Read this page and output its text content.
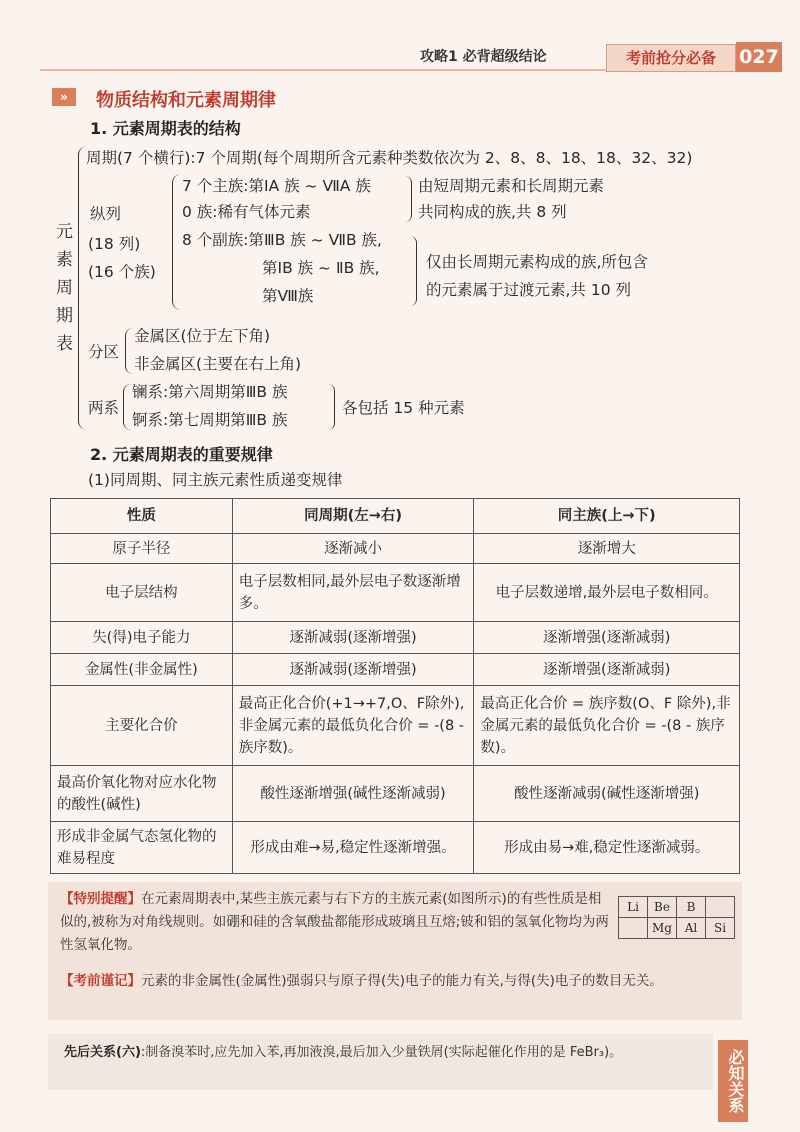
攻略1 必背超级结论	考前抢分必备	027
»	物质结构和元素周期律
1. 元素周期表的结构
元素周期表
周期(7 个横行):7 个周期(每个周期所含元素种类数依次为 2、8、8、18、18、32、32)
纵列
(18 列)
(16 个族)
7 个主族:第ⅠA 族 ~ ⅦA 族
0 族:稀有气体元素
由短周期元素和长周期元素
共同构成的族,共 8 列
8 个副族:第ⅢB 族 ~ ⅦB 族,
第ⅠB 族 ~ ⅡB 族,
第Ⅷ族
仅由长周期元素构成的族,所包含
的元素属于过渡元素,共 10 列
分区
金属区(位于左下角)
非金属区(主要在右上角)
两系
镧系:第六周期第ⅢB 族
锕系:第七周期第ⅢB 族
各包括 15 种元素
2. 元素周期表的重要规律
(1)同周期、同主族元素性质递变规律
性质	同周期(左→右)	同主族(上→下)
原子半径	逐渐减小	逐渐增大
电子层结构	电子层数相同,最外层电子数逐渐增多。	电子层数递增,最外层电子数相同。
失(得)电子能力	逐渐减弱(逐渐增强)	逐渐增强(逐渐减弱)
金属性(非金属性)	逐渐减弱(逐渐增强)	逐渐增强(逐渐减弱)
主要化合价	最高正化合价(+1→+7,O、F除外),非金属元素的最低负化合价 = -(8 - 族序数)。	最高正化合价 = 族序数(O、F 除外),非金属元素的最低负化合价 = -(8 - 族序数)。
最高价氧化物对应水化物的酸性(碱性)	酸性逐渐增强(碱性逐渐减弱)	酸性逐渐减弱(碱性逐渐增强)
形成非金属气态氢化物的难易程度	形成由难→易,稳定性逐渐增强。	形成由易→难,稳定性逐渐减弱。
【特别提醒】在元素周期表中,某些主族元素与右下方的主族元素(如图所示)的有些性质是相似的,被称为对角线规则。如硼和硅的含氧酸盐都能形成玻璃且互熔;铍和铝的氢氧化物均为两性氢氧化物。
Li	Be	B	
	Mg	Al	Si
【考前谨记】元素的非金属性(金属性)强弱只与原子得(失)电子的能力有关,与得(失)电子的数目无关。
先后关系(六):制备溴苯时,应先加入苯,再加液溴,最后加入少量铁屑(实际起催化作用的是 FeBr₃)。	必知关系
